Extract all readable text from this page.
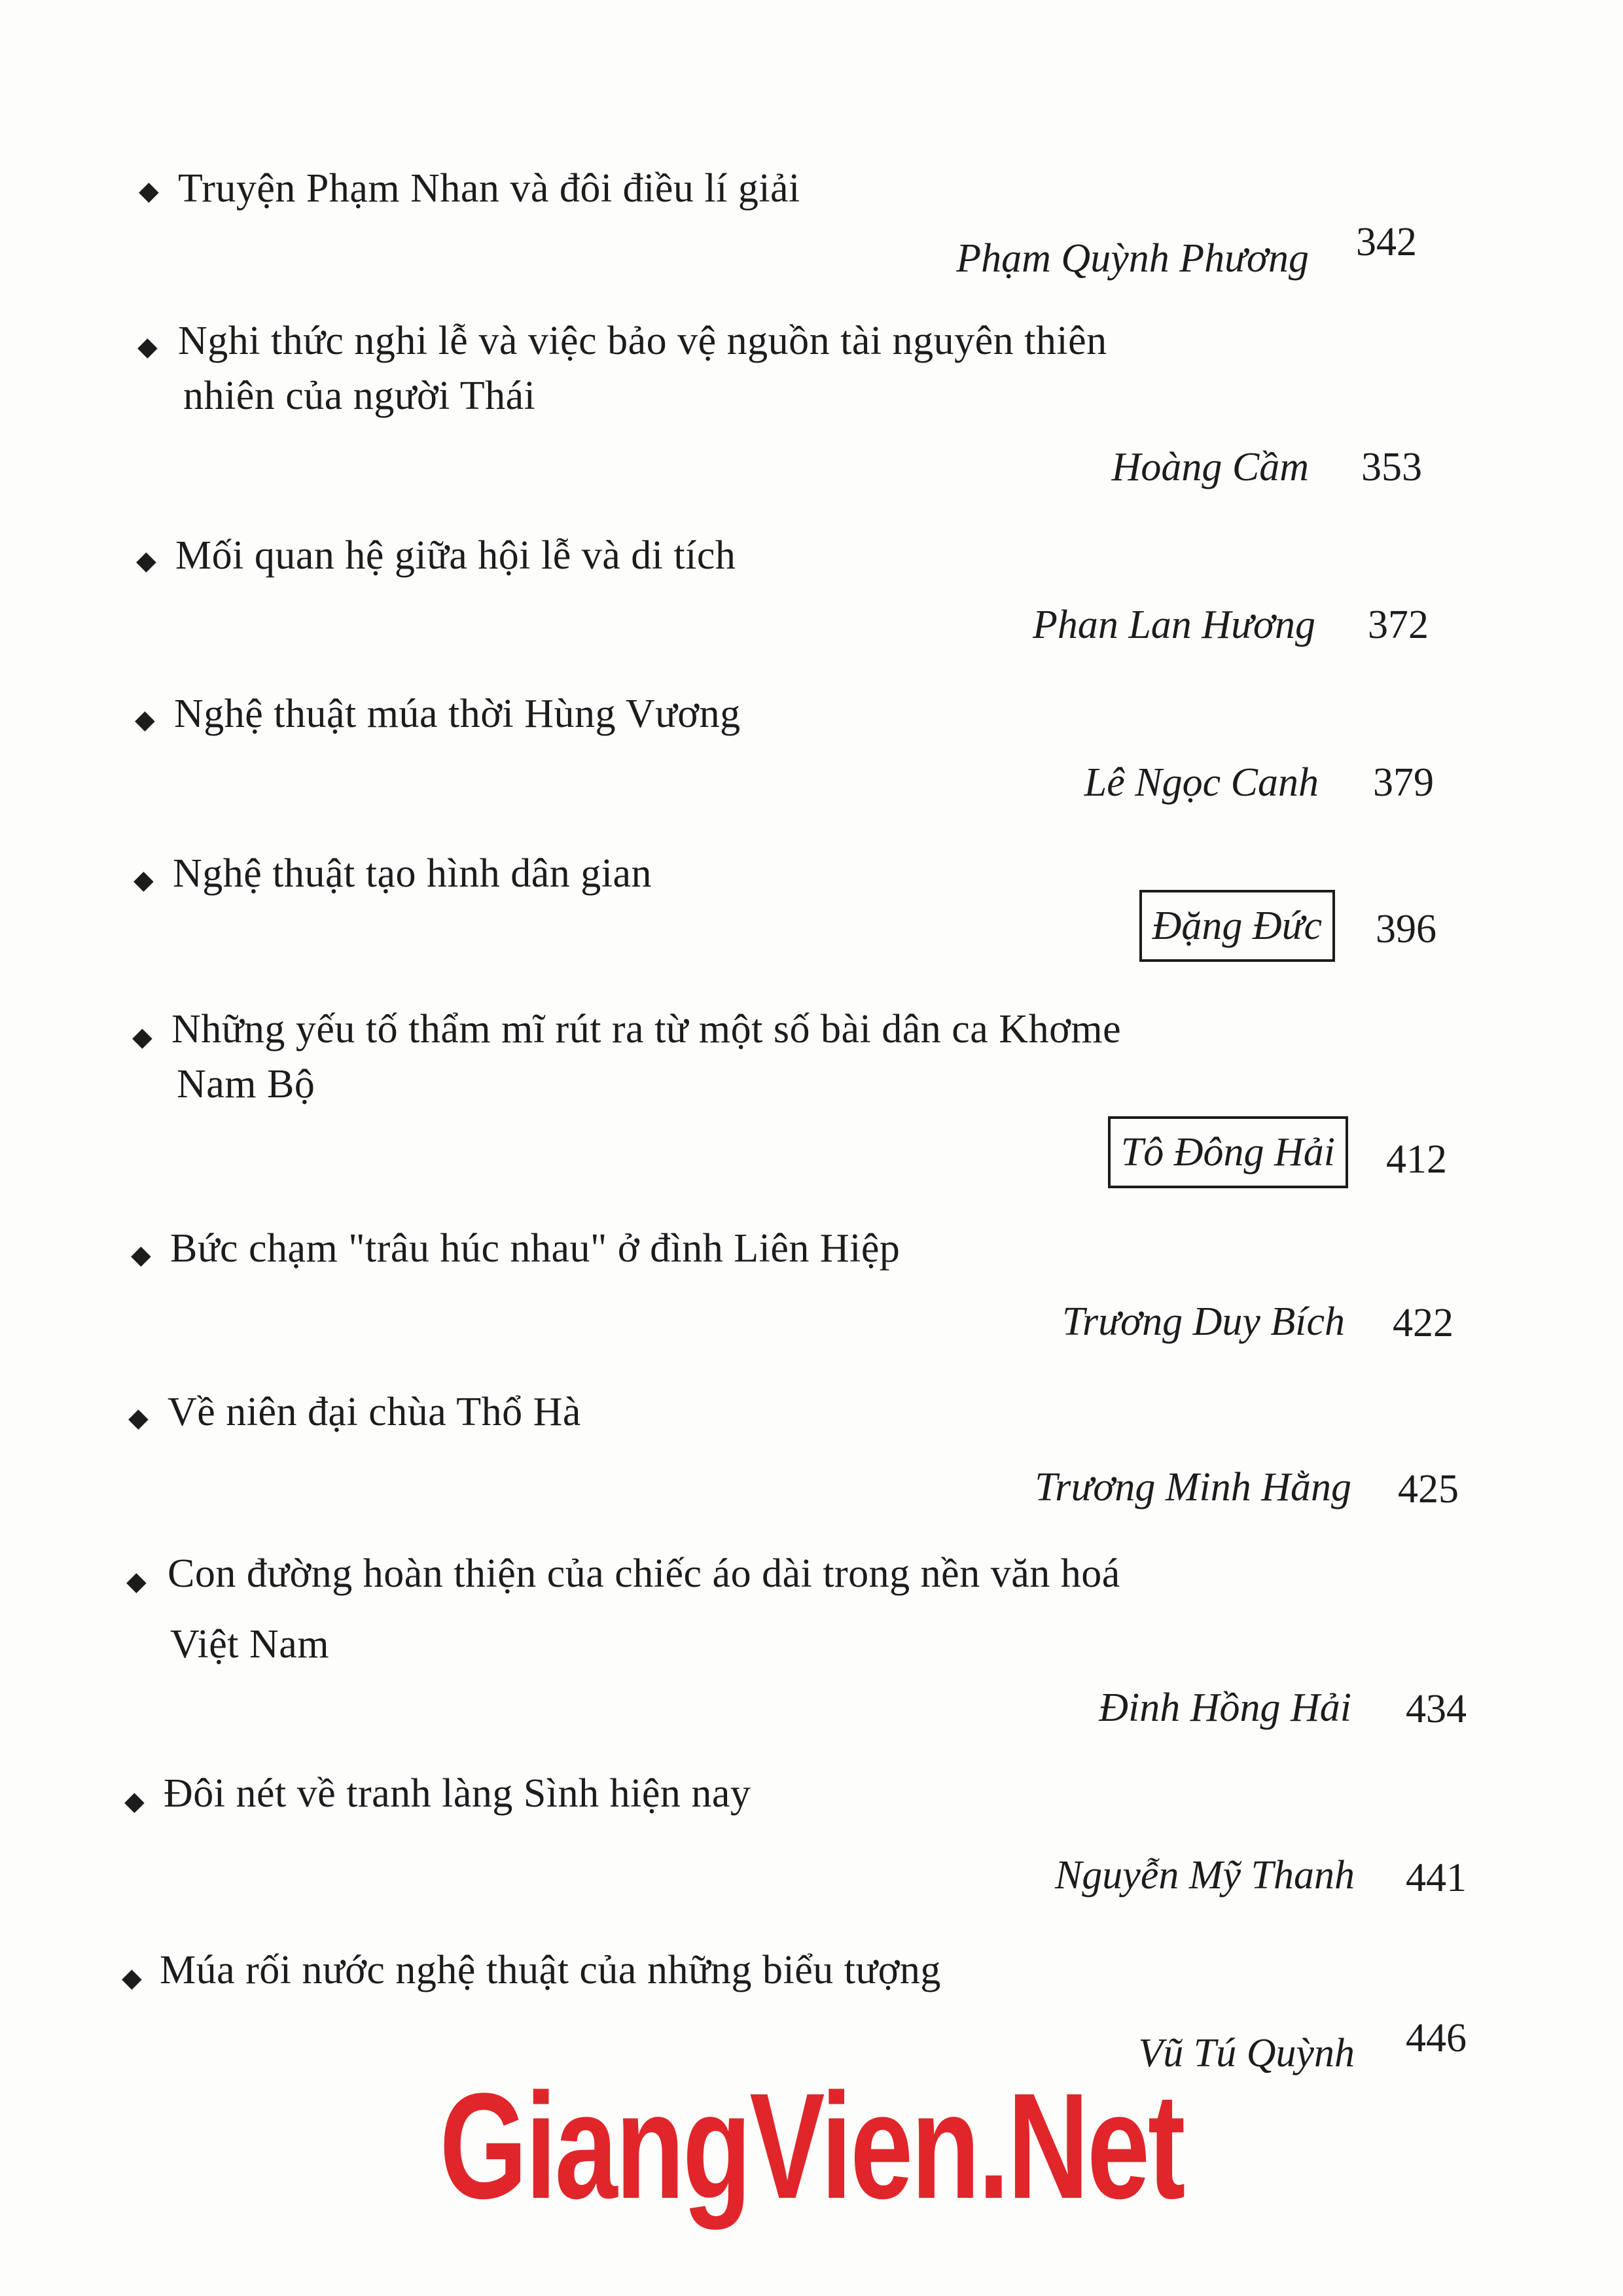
◆ Truyện Phạm Nhan và đôi điều lí giải
Phạm Quỳnh Phương 342
◆ Nghi thức nghi lễ và việc bảo vệ nguồn tài nguyên thiên
nhiên của người Thái
Hoàng Cầm 353
◆ Mối quan hệ giữa hội lễ và di tích
Phan Lan Hương 372
◆ Nghệ thuật múa thời Hùng Vương
Lê Ngọc Canh 379
◆ Nghệ thuật tạo hình dân gian
Đặng Đức	396
◆ Những yếu tố thẩm mĩ rút ra từ một số bài dân ca Khơme
Nam Bộ
Tô Đông Hải	412
◆ Bức chạm "trâu húc nhau" ở đình Liên Hiệp
Trương Duy Bích 422
◆ Về niên đại chùa Thổ Hà
Trương Minh Hằng 425
◆ Con đường hoàn thiện của chiếc áo dài trong nền văn hoá
Việt Nam
Đinh Hồng Hải 434
◆ Đôi nét về tranh làng Sình hiện nay
Nguyễn Mỹ Thanh 441
◆ Múa rối nước nghệ thuật của những biểu tượng
Vũ Tú Quỳnh 446
GiangVien.Net
